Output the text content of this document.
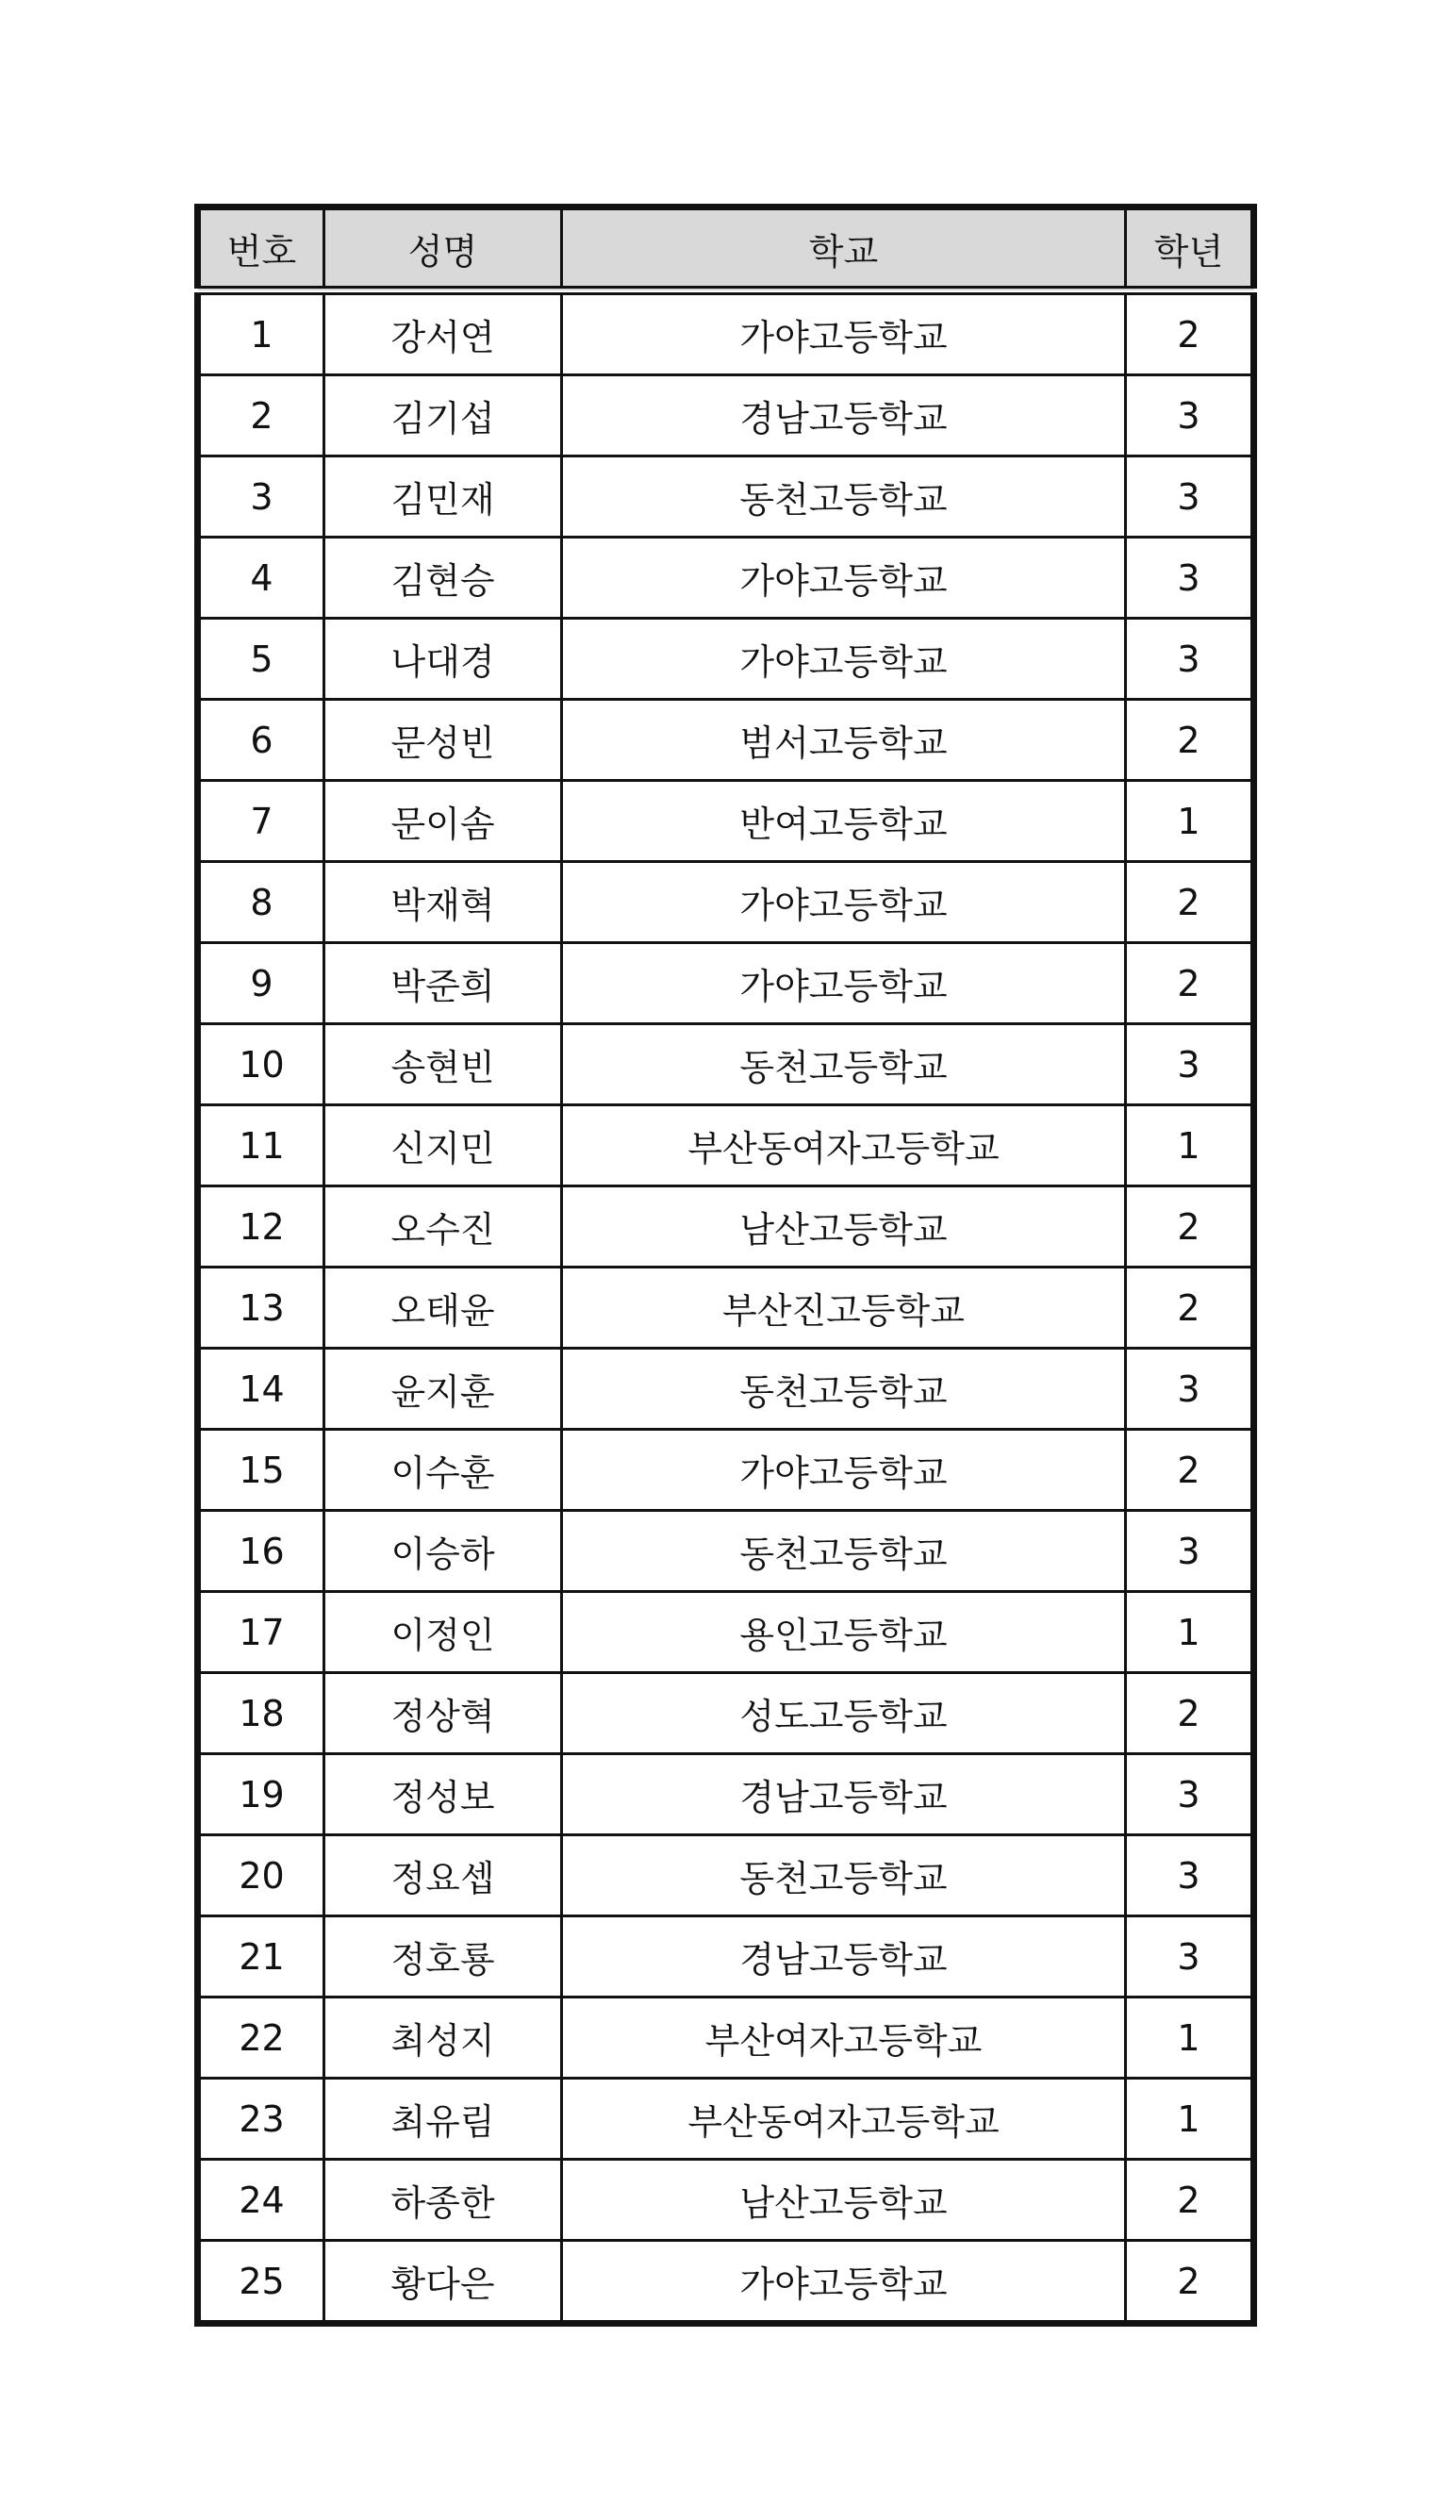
번호	성명	학교	학년
1	강서연	가야고등학교	2
2	김기섭	경남고등학교	3
3	김민재	동천고등학교	3
4	김현승	가야고등학교	3
5	나대경	가야고등학교	3
6	문성빈	범서고등학교	2
7	문이솜	반여고등학교	1
8	박재혁	가야고등학교	2
9	박준희	가야고등학교	2
10	송현빈	동천고등학교	3
11	신지민	부산동여자고등학교	1
12	오수진	남산고등학교	2
13	오태윤	부산진고등학교	2
14	윤지훈	동천고등학교	3
15	이수훈	가야고등학교	2
16	이승하	동천고등학교	3
17	이정인	용인고등학교	1
18	정상혁	성도고등학교	2
19	정성보	경남고등학교	3
20	정요셉	동천고등학교	3
21	정호룡	경남고등학교	3
22	최성지	부산여자고등학교	1
23	최유림	부산동여자고등학교	1
24	하종한	남산고등학교	2
25	황다은	가야고등학교	2
